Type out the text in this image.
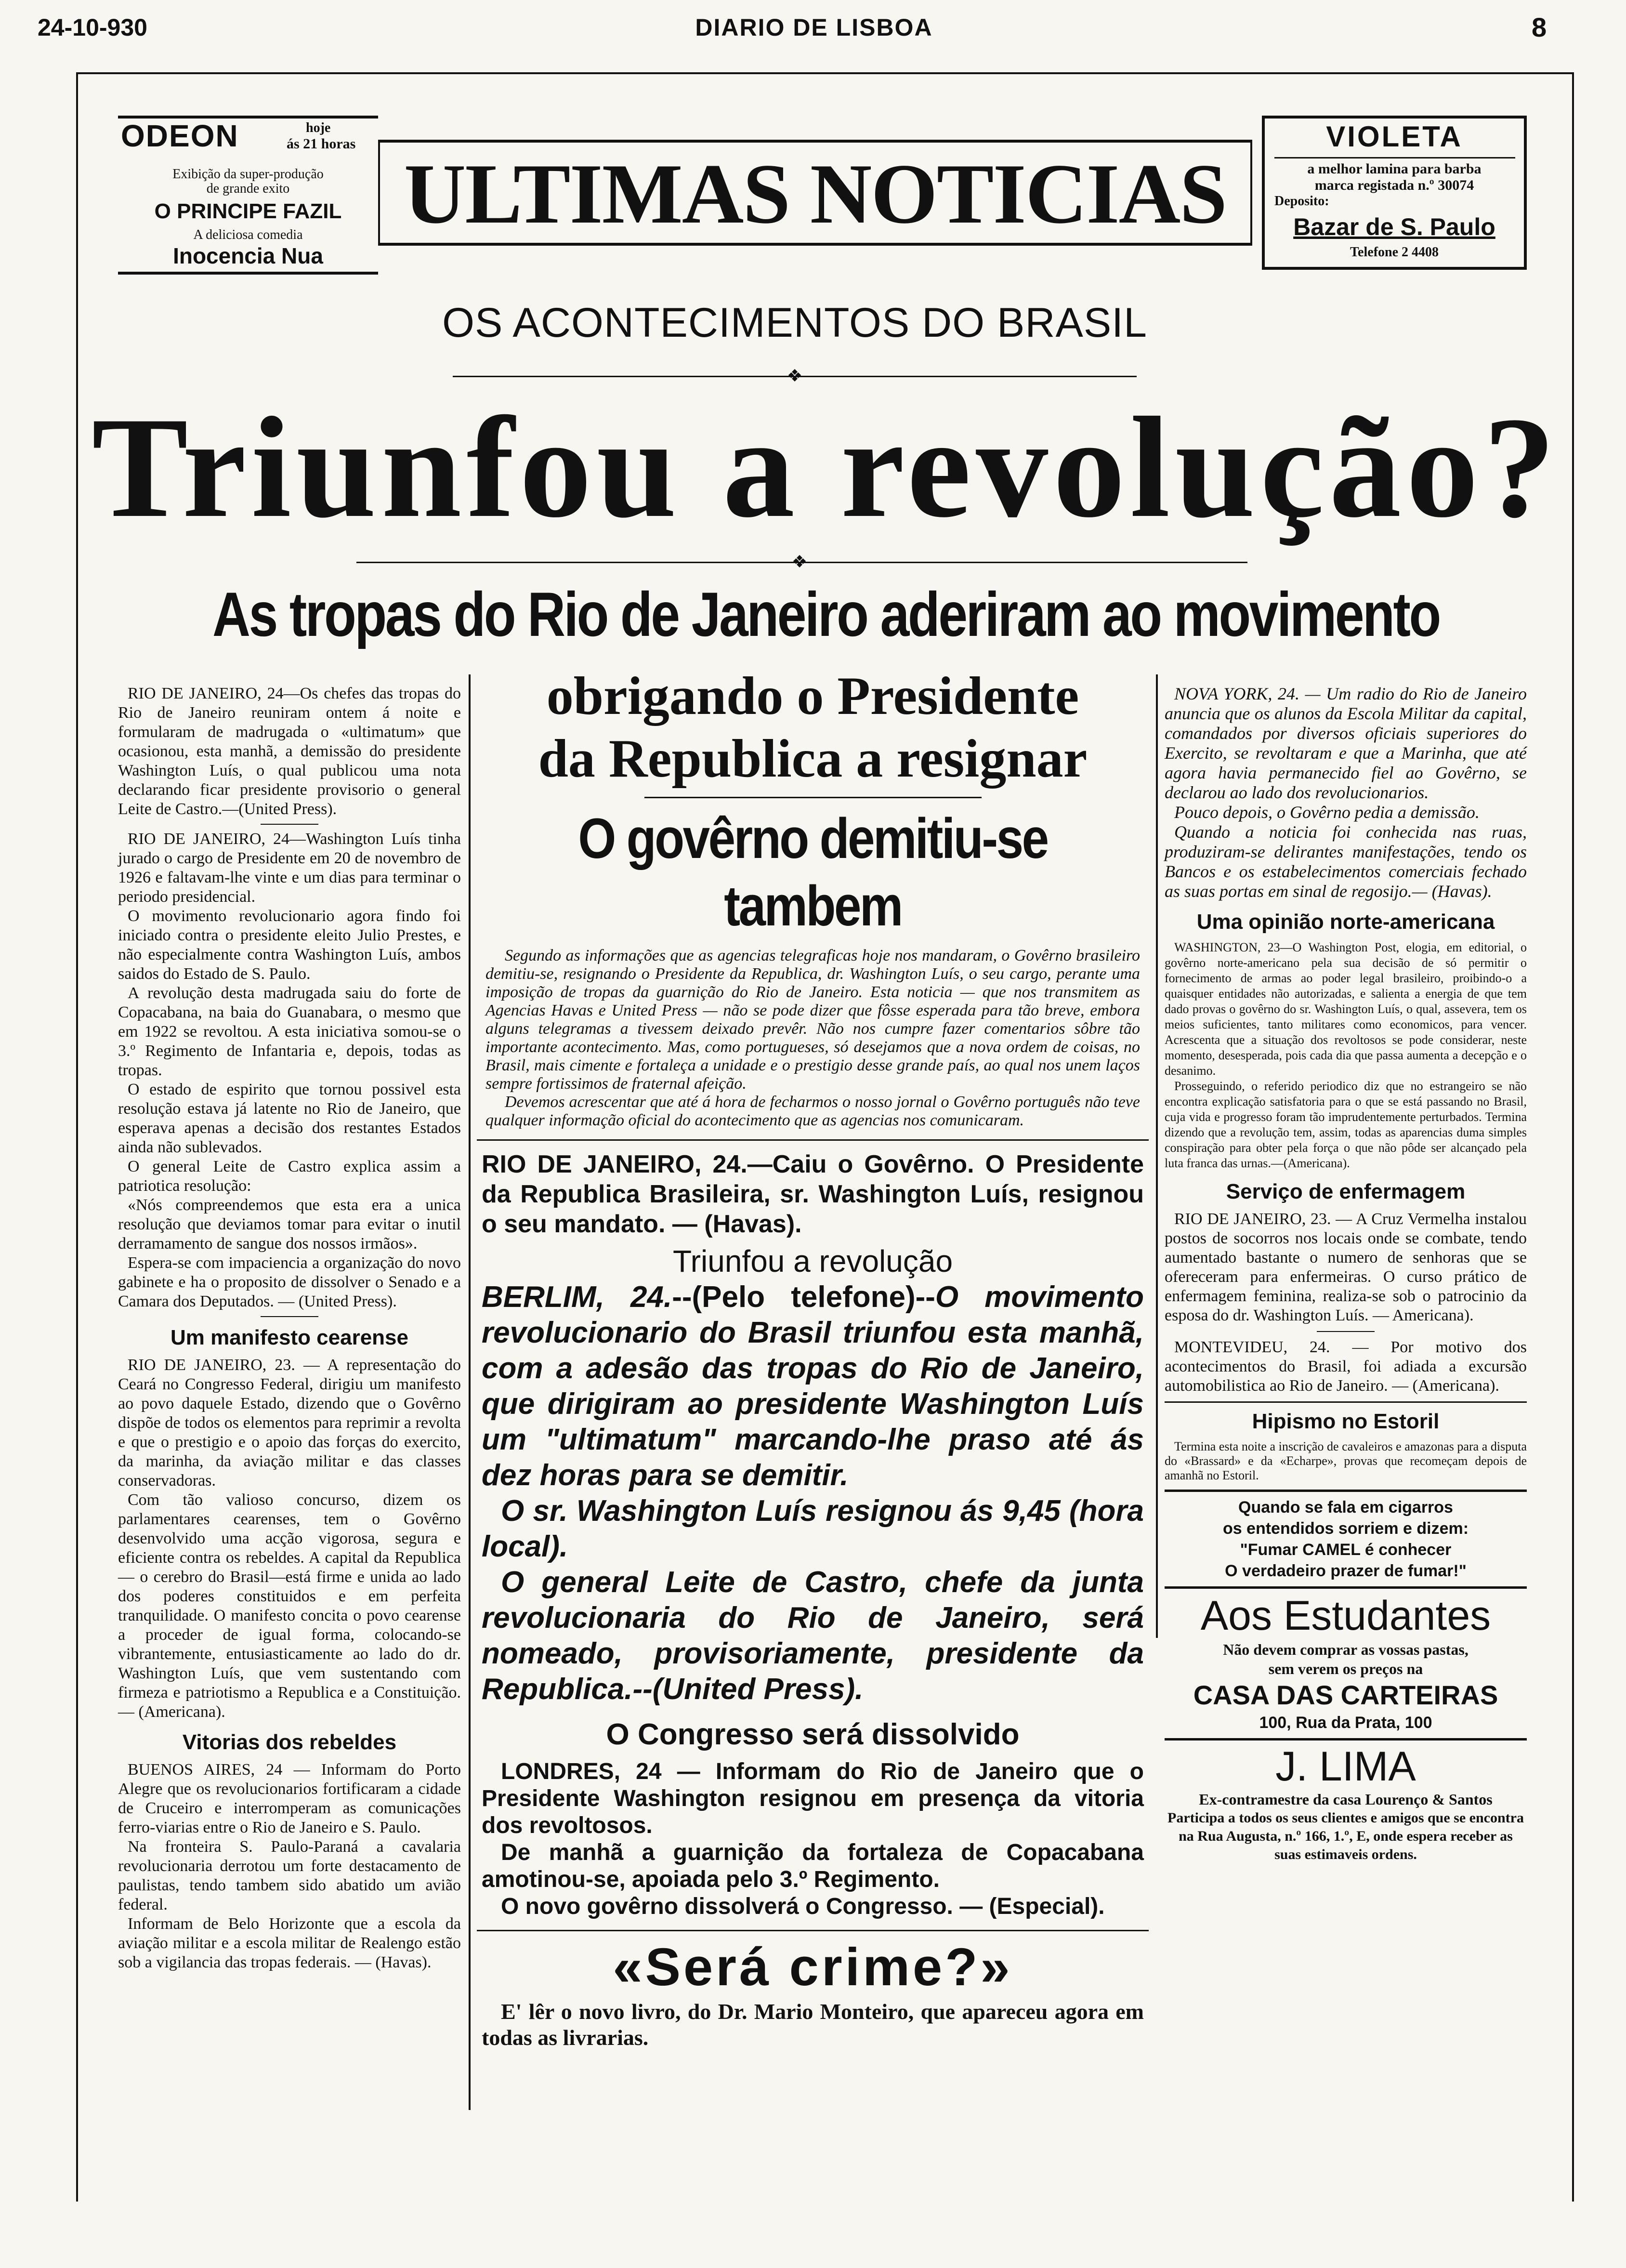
24-10-930	DIARIO DE LISBOA	8
ODEON	hoje
ás 21 horas
Exibição da super-produção
de grande exito
O PRINCIPE FAZIL
A deliciosa comedia
Inocencia Nua
ULTIMAS NOTICIAS
VIOLETA
a melhor lamina para barba
marca registada n.º 30074
Deposito:
Bazar de S. Paulo
Telefone 2 4408
OS ACONTECIMENTOS DO BRASIL
❖
Triunfou a revolução?
❖
As tropas do Rio de Janeiro aderiram ao movimento

RIO DE JANEIRO, 24—Os chefes das tropas do Rio de Janeiro reuniram ontem á noite e formularam de madrugada o «ultimatum» que ocasionou, esta manhã, a demissão do presidente Washington Luís, o qual publicou uma nota declarando ficar presidente provisorio o general Leite de Castro.—(United Press).

RIO DE JANEIRO, 24—Washington Luís tinha jurado o cargo de Presidente em 20 de novembro de 1926 e faltavam-lhe vinte e um dias para terminar o periodo presidencial.

O movimento revolucionario agora findo foi iniciado contra o presidente eleito Julio Prestes, e não especialmente contra Washington Luís, ambos saidos do Estado de S. Paulo.

A revolução desta madrugada saiu do forte de Copacabana, na baia do Guanabara, o mesmo que em 1922 se revoltou. A esta iniciativa somou-se o 3.º Regimento de Infantaria e, depois, todas as tropas.

O estado de espirito que tornou possivel esta resolução estava já latente no Rio de Janeiro, que esperava apenas a decisão dos restantes Estados ainda não sublevados.

O general Leite de Castro explica assim a patriotica resolução:

«Nós compreendemos que esta era a unica resolução que deviamos tomar para evitar o inutil derramamento de sangue dos nossos irmãos».

Espera-se com impaciencia a organização do novo gabinete e ha o proposito de dissolver o Senado e a Camara dos Deputados. — (United Press).

Um manifesto cearense

RIO DE JANEIRO, 23. — A representação do Ceará no Congresso Federal, dirigiu um manifesto ao povo daquele Estado, dizendo que o Govêrno dispõe de todos os elementos para reprimir a revolta e que o prestigio e o apoio das forças do exercito, da marinha, da aviação militar e das classes conservadoras.

Com tão valioso concurso, dizem os parlamentares cearenses, tem o Govêrno desenvolvido uma acção vigorosa, segura e eficiente contra os rebeldes. A capital da Republica — o cerebro do Brasil—está firme e unida ao lado dos poderes constituidos e em perfeita tranquilidade. O manifesto concita o povo cearense a proceder de igual forma, colocando-se vibrantemente, entusiasticamente ao lado do dr. Washington Luís, que vem sustentando com firmeza e patriotismo a Republica e a Constituição. — (Americana).

Vitorias dos rebeldes

BUENOS AIRES, 24 — Informam do Porto Alegre que os revolucionarios fortificaram a cidade de Cruceiro e interromperam as comunicações ferro-viarias entre o Rio de Janeiro e S. Paulo.

Na fronteira S. Paulo-Paraná a cavalaria revolucionaria derrotou um forte destacamento de paulistas, tendo tambem sido abatido um avião federal.

Informam de Belo Horizonte que a escola da aviação militar e a escola militar de Realengo estão sob a vigilancia das tropas federais. — (Havas).

obrigando o Presidente
da Republica a resignar
O govêrno demitiu-se tambem

Segundo as informações que as agencias telegraficas hoje nos mandaram, o Govêrno brasileiro demitiu-se, resignando o Presidente da Republica, dr. Washington Luís, o seu cargo, perante uma imposição de tropas da guarnição do Rio de Janeiro. Esta noticia — que nos transmitem as Agencias Havas e United Press — não se pode dizer que fôsse esperada para tão breve, embora alguns telegramas a tivessem deixado prevêr. Não nos cumpre fazer comentarios sôbre tão importante acontecimento. Mas, como portugueses, só desejamos que a nova ordem de coisas, no Brasil, mais cimente e fortaleça a unidade e o prestigio desse grande país, ao qual nos unem laços sempre fortissimos de fraternal afeição.

Devemos acrescentar que até á hora de fecharmos o nosso jornal o Govêrno português não teve qualquer informação oficial do acontecimento que as agencias nos comunicaram.

RIO DE JANEIRO, 24.—Caiu o Govêrno. O Presidente da Republica Brasileira, sr. Washington Luís, resignou o seu mandato. — (Havas).
Triunfou a revolução
BERLIM, 24.--(Pelo telefone)--O movimento revolucionario do Brasil triunfou esta manhã, com a adesão das tropas do Rio de Janeiro, que dirigiram ao presidente Washington Luís um "ultimatum" marcando-lhe praso até ás dez horas para se demitir.
O sr. Washington Luís resignou ás 9,45 (hora local).
O general Leite de Castro, chefe da junta revolucionaria do Rio de Janeiro, será nomeado, provisoriamente, presidente da Republica.--(United Press).
O Congresso será dissolvido
LONDRES, 24 — Informam do Rio de Janeiro que o Presidente Washington resignou em presença da vitoria dos revoltosos.
De manhã a guarnição da fortaleza de Copacabana amotinou-se, apoiada pelo 3.º Regimento.
O novo govêrno dissolverá o Congresso. — (Especial).
«Será crime?»
E' lêr o novo livro, do Dr. Mario Monteiro, que apareceu agora em todas as livrarias.

NOVA YORK, 24. — Um radio do Rio de Janeiro anuncia que os alunos da Escola Militar da capital, comandados por diversos oficiais superiores do Exercito, se revoltaram e que a Marinha, que até agora havia permanecido fiel ao Govêrno, se declarou ao lado dos revolucionarios.

Pouco depois, o Govêrno pedia a demissão.

Quando a noticia foi conhecida nas ruas, produziram-se delirantes manifestações, tendo os Bancos e os estabelecimentos comerciais fechado as suas portas em sinal de regosijo.— (Havas).

Uma opinião norte-americana

WASHINGTON, 23—O Washington Post, elogia, em editorial, o govêrno norte-americano pela sua decisão de só permitir o fornecimento de armas ao poder legal brasileiro, proibindo-o a quaisquer entidades não autorizadas, e salienta a energia de que tem dado provas o govêrno do sr. Washington Luís, o qual, assevera, tem os meios suficientes, tanto militares como economicos, para vencer. Acrescenta que a situação dos revoltosos se pode considerar, neste momento, desesperada, pois cada dia que passa aumenta a decepção e o desanimo.

Prosseguindo, o referido periodico diz que no estrangeiro se não encontra explicação satisfatoria para o que se está passando no Brasil, cuja vida e progresso foram tão imprudentemente perturbados. Termina dizendo que a revolução tem, assim, todas as aparencias duma simples conspiração para obter pela força o que não pôde ser alcançado pela luta franca das urnas.—(Americana).

Serviço de enfermagem

RIO DE JANEIRO, 23. — A Cruz Vermelha instalou postos de socorros nos locais onde se combate, tendo aumentado bastante o numero de senhoras que se ofereceram para enfermeiras. O curso prático de enfermagem feminina, realiza-se sob o patrocinio da esposa do dr. Washington Luís. — Americana).

MONTEVIDEU, 24. — Por motivo dos acontecimentos do Brasil, foi adiada a excursão automobilistica ao Rio de Janeiro. — (Americana).

Hipismo no Estoril

Termina esta noite a inscrição de cavaleiros e amazonas para a disputa do «Brassard» e da «Echarpe», provas que recomeçam depois de amanhã no Estoril.

Quando se fala em cigarros
os entendidos sorriem e dizem:
"Fumar CAMEL é conhecer
O verdadeiro prazer de fumar!"
Aos Estudantes
Não devem comprar as vossas pastas,
sem verem os preços na
CASA DAS CARTEIRAS
100, Rua da Prata, 100
J. LIMA
Ex-contramestre da casa Lourenço & Santos
Participa a todos os seus clientes e amigos que se encontra na Rua Augusta, n.º 166, 1.º, E, onde espera receber as suas estimaveis ordens.
